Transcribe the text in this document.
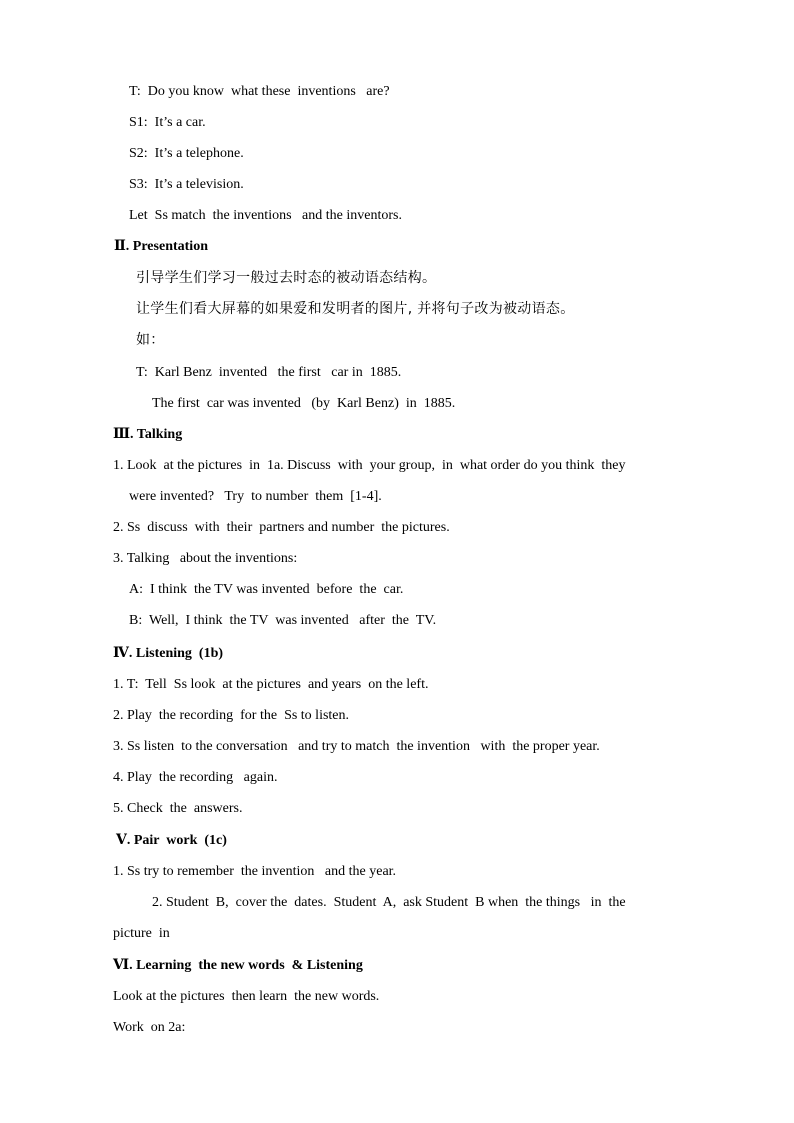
T:  Do you know  what these  inventions   are?
S1:  It’s a car.
S2:  It’s a telephone.
S3:  It’s a television.
Let  Ss match  the inventions   and the inventors.
Ⅱ. Presentation
引导学生们学习一般过去时态的被动语态结构。
让学生们看大屏幕的如果爱和发明者的图片, 并将句子改为被动语态。
如：
T:  Karl Benz  invented   the first   car in  1885.
The first  car was invented   (by  Karl Benz)  in  1885.
Ⅲ. Talking
1. Look  at the pictures  in  1a. Discuss  with  your group,  in  what order do you think  they
were invented?   Try  to number  them  [1-4].
2. Ss  discuss  with  their  partners and number  the pictures.
3. Talking   about the inventions:
A:  I think  the TV was invented  before  the  car.
B:  Well,  I think  the TV  was invented   after  the  TV.
Ⅳ. Listening  (1b)
1. T:  Tell  Ss look  at the pictures  and years  on the left.
2. Play  the recording  for the  Ss to listen.
3. Ss listen  to the conversation   and try to match  the invention   with  the proper year.
4. Play  the recording   again.
5. Check  the  answers.
Ⅴ. Pair  work  (1c)
1. Ss try to remember  the invention   and the year.
2. Student  B,  cover the  dates.  Student  A,  ask Student  B when  the things   in  the
picture  in
Ⅵ. Learning  the new words  & Listening
Look at the pictures  then learn  the new words.
Work  on 2a:
